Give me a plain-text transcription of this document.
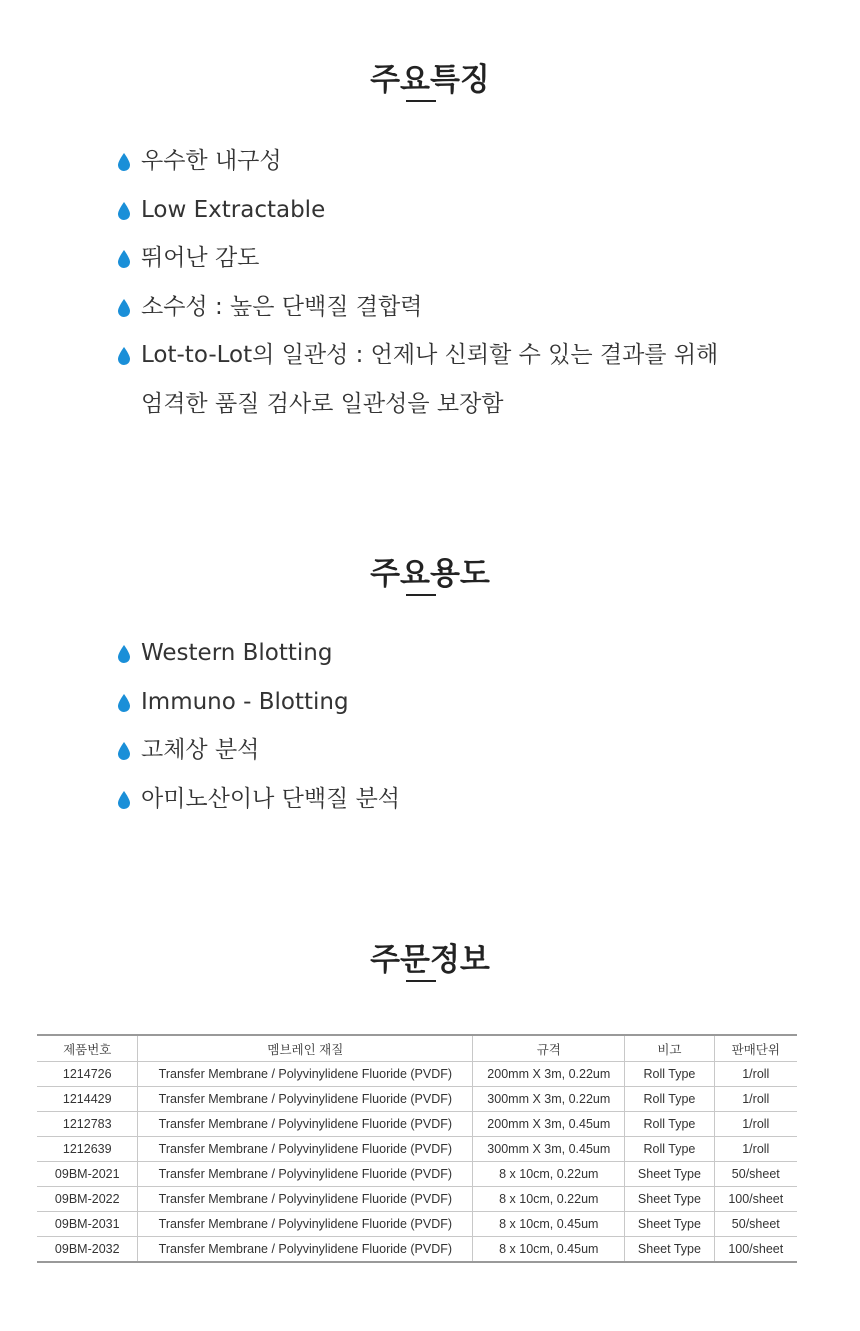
주요특징
우수한 내구성
Low Extractable
뛰어난 감도
소수성 : 높은 단백질 결합력
Lot-to-Lot의 일관성 : 언제나 신뢰할 수 있는 결과를 위해
엄격한 품질 검사로 일관성을 보장함
주요용도
Western Blotting
Immuno - Blotting
고체상 분석
아미노산이나 단백질 분석
주문정보
제품번호	멤브레인 재질	규격	비고	판매단위
1214726	Transfer Membrane / Polyvinylidene Fluoride (PVDF)	200mm X 3m, 0.22um	Roll Type	1/roll
1214429	Transfer Membrane / Polyvinylidene Fluoride (PVDF)	300mm X 3m, 0.22um	Roll Type	1/roll
1212783	Transfer Membrane / Polyvinylidene Fluoride (PVDF)	200mm X 3m, 0.45um	Roll Type	1/roll
1212639	Transfer Membrane / Polyvinylidene Fluoride (PVDF)	300mm X 3m, 0.45um	Roll Type	1/roll
09BM-2021	Transfer Membrane / Polyvinylidene Fluoride (PVDF)	8 x 10cm, 0.22um	Sheet Type	50/sheet
09BM-2022	Transfer Membrane / Polyvinylidene Fluoride (PVDF)	8 x 10cm, 0.22um	Sheet Type	100/sheet
09BM-2031	Transfer Membrane / Polyvinylidene Fluoride (PVDF)	8 x 10cm, 0.45um	Sheet Type	50/sheet
09BM-2032	Transfer Membrane / Polyvinylidene Fluoride (PVDF)	8 x 10cm, 0.45um	Sheet Type	100/sheet
